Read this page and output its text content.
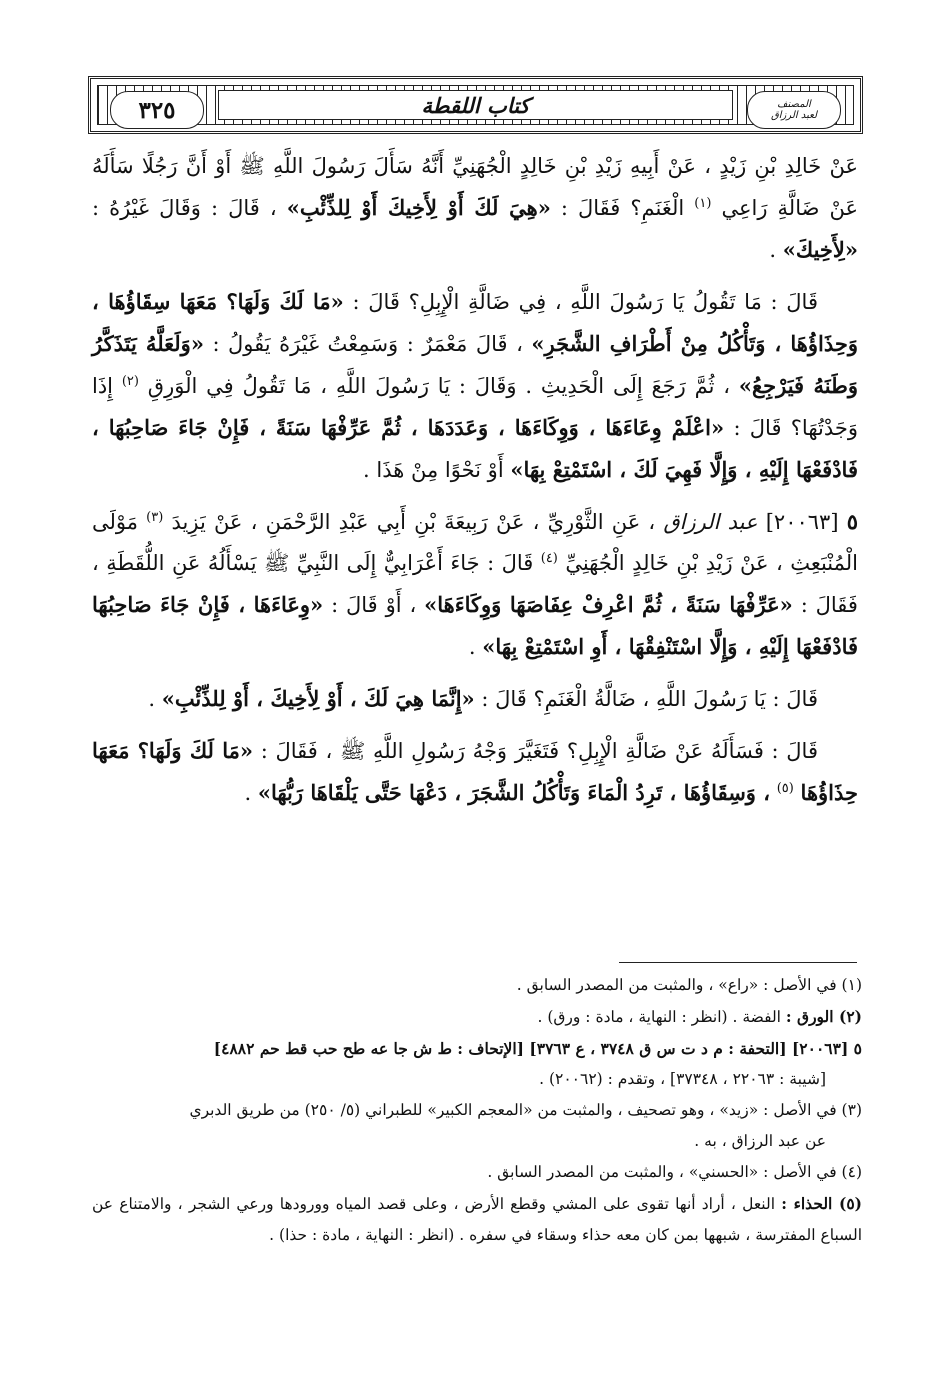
المصنف
لعبد الرزاق
كتاب اللقطة
٣٢٥

عَنْ خَالِدِ بْنِ زَيْدٍ ، عَنْ أَبِيهِ زَيْدِ بْنِ خَالِدٍ الْجُهَنِيِّ أَنَّهُ سَأَلَ رَسُولَ اللَّهِ ﷺ أَوْ أَنَّ رَجُلًا سَأَلَهُ عَنْ ضَالَّةِ رَاعِي $^{(١)}$ الْغَنَمِ؟ فَقَالَ : «هِيَ لَكَ أَوْ لِأَخِيكَ أَوْ لِلذِّئْبِ» ، قَالَ : وَقَالَ غَيْرُهُ : «لِأَخِيكَ» .

قَالَ : مَا تَقُولُ يَا رَسُولَ اللَّهِ ، فِي ضَالَّةِ الْإِبِلِ؟ قَالَ : «مَا لَكَ وَلَهَا؟ مَعَهَا سِقَاؤُهَا ، وَحِذَاؤُهَا ، وَتَأْكُلُ مِنْ أَطْرَافِ الشَّجَرِ» ، قَالَ مَعْمَرٌ : وَسَمِعْتُ غَيْرَهُ يَقُولُ : «وَلَعَلَّهُ يَتَذَكَّرُ وَطَنَهُ فَيَرْجِعُ» ، ثُمَّ رَجَعَ إِلَى الْحَدِيثِ . وَقَالَ : يَا رَسُولَ اللَّهِ ، مَا تَقُولُ فِي الْوَرِقِ $^{(٢)}$ إِذَا وَجَدْتُهَا؟ قَالَ : «اعْلَمْ وِعَاءَهَا ، وَوِكَاءَهَا ، وَعَدَدَهَا ، ثُمَّ عَرِّفْهَا سَنَةً ، فَإِنْ جَاءَ صَاحِبُهَا ، فَادْفَعْهَا إِلَيْهِ ، وَإِلَّا فَهِيَ لَكَ ، اسْتَمْتِعْ بِهَا» أَوْ نَحْوًا مِنْ هَذَا .

٥ [٢٠٠٦٣] عبد الرزاق ، عَنِ الثَّوْرِيِّ ، عَنْ رَبِيعَةَ بْنِ أَبِي عَبْدِ الرَّحْمَنِ ، عَنْ يَزِيدَ $^{(٣)}$ مَوْلَى الْمُنْبَعِثِ ، عَنْ زَيْدِ بْنِ خَالِدٍ الْجُهَنِيِّ $^{(٤)}$ قَالَ : جَاءَ أَعْرَابِيٌّ إِلَى النَّبِيِّ ﷺ يَسْأَلُهُ عَنِ اللُّقَطَةِ ، فَقَالَ : «عَرِّفْهَا سَنَةً ، ثُمَّ اعْرِفْ عِفَاصَهَا وَوِكَاءَهَا» ، أَوْ قَالَ : «وِعَاءَهَا ، فَإِنْ جَاءَ صَاحِبُهَا فَادْفَعْهَا إِلَيْهِ ، وَإِلَّا اسْتَنْفِقْهَا ، أَوِ اسْتَمْتِعْ بِهَا» .

قَالَ : يَا رَسُولَ اللَّهِ ، ضَالَّةُ الْغَنَمِ؟ قَالَ : «إِنَّمَا هِيَ لَكَ ، أَوْ لِأَخِيكَ ، أَوْ لِلذِّئْبِ» .

قَالَ : فَسَأَلَهُ عَنْ ضَالَّةِ الْإِبِلِ؟ فَتَغَيَّرَ وَجْهُ رَسُولِ اللَّهِ ﷺ ، فَقَالَ : «مَا لَكَ وَلَهَا؟ مَعَهَا حِذَاؤُهَا $^{(٥)}$ ، وَسِقَاؤُهَا ، تَرِدُ الْمَاءَ وَتَأْكُلُ الشَّجَرَ ، دَعْهَا حَتَّى يَلْقَاهَا رَبُّهَا» .

(١) في الأصل : «راع» ، والمثبت من المصدر السابق .

(٢) الورق : الفضة . (انظر : النهاية ، مادة : ورق) .

٥ [٢٠٠٦٣] [التحفة : م د ت س ق ٣٧٤٨ ، ع ٣٧٦٣] [الإتحاف : ط ش جا عه طح حب قط حم ٤٨٨٢]

[شيبة : ٢٢٠٦٣ ، ٣٧٣٤٨] ، وتقدم : (٢٠٠٦٢) .

(٣) في الأصل : «زيد» ، وهو تصحيف ، والمثبت من «المعجم الكبير» للطبراني (٥/ ٢٥٠) من طريق الدبري

عن عبد الرزاق ، به .

(٤) في الأصل : «الحسني» ، والمثبت من المصدر السابق .

(٥) الحذاء : النعل ، أراد أنها تقوى على المشي وقطع الأرض ، وعلى قصد المياه وورودها ورعي الشجر ، والامتناع عن السباع المفترسة ، شبهها بمن كان معه حذاء وسقاء في سفره . (انظر : النهاية ، مادة : حذا) .
